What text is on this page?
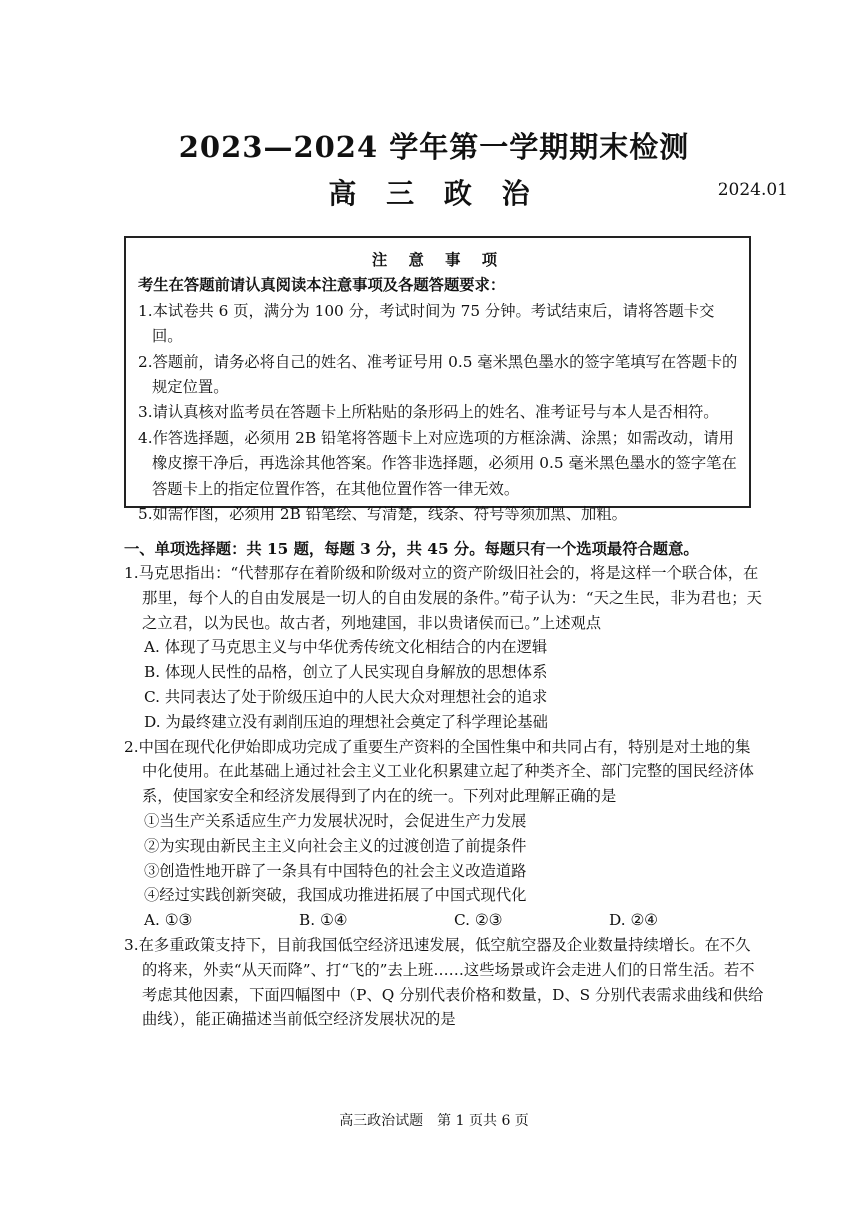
2023—2024 学年第一学期期末检测
高 三 政 治	2024.01
注 意 事 项
考生在答题前请认真阅读本注意事项及各题答题要求：
1.本试卷共 6 页，满分为 100 分，考试时间为 75 分钟。考试结束后，请将答题卡交回。
2.答题前，请务必将自己的姓名、准考证号用 0.5 毫米黑色墨水的签字笔填写在答题卡的规定位置。
3.请认真核对监考员在答题卡上所粘贴的条形码上的姓名、准考证号与本人是否相符。
4.作答选择题，必须用 2B 铅笔将答题卡上对应选项的方框涂满、涂黑；如需改动，请用橡皮擦干净后，再选涂其他答案。作答非选择题，必须用 0.5 毫米黑色墨水的签字笔在答题卡上的指定位置作答，在其他位置作答一律无效。
5.如需作图，必须用 2B 铅笔绘、写清楚，线条、符号等须加黑、加粗。
一、单项选择题：共 15 题，每题 3 分，共 45 分。每题只有一个选项最符合题意。
1.马克思指出：“代替那存在着阶级和阶级对立的资产阶级旧社会的，将是这样一个联合体，在那里，每个人的自由发展是一切人的自由发展的条件。”荀子认为：“天之生民，非为君也；天之立君，以为民也。故古者，列地建国，非以贵诸侯而已。”上述观点
A. 体现了马克思主义与中华优秀传统文化相结合的内在逻辑
B. 体现人民性的品格，创立了人民实现自身解放的思想体系
C. 共同表达了处于阶级压迫中的人民大众对理想社会的追求
D. 为最终建立没有剥削压迫的理想社会奠定了科学理论基础
2.中国在现代化伊始即成功完成了重要生产资料的全国性集中和共同占有，特别是对土地的集中化使用。在此基础上通过社会主义工业化积累建立起了种类齐全、部门完整的国民经济体系，使国家安全和经济发展得到了内在的统一。下列对此理解正确的是
①当生产关系适应生产力发展状况时，会促进生产力发展
②为实现由新民主主义向社会主义的过渡创造了前提条件
③创造性地开辟了一条具有中国特色的社会主义改造道路
④经过实践创新突破，我国成功推进拓展了中国式现代化
A. ①③	B. ①④	C. ②③	D. ②④
3.在多重政策支持下，目前我国低空经济迅速发展，低空航空器及企业数量持续增长。在不久的将来，外卖“从天而降”、打“飞的”去上班……这些场景或许会走进人们的日常生活。若不考虑其他因素，下面四幅图中（P、Q 分别代表价格和数量，D、S 分别代表需求曲线和供给曲线），能正确描述当前低空经济发展状况的是
高三政治试题　第 1 页共 6 页
